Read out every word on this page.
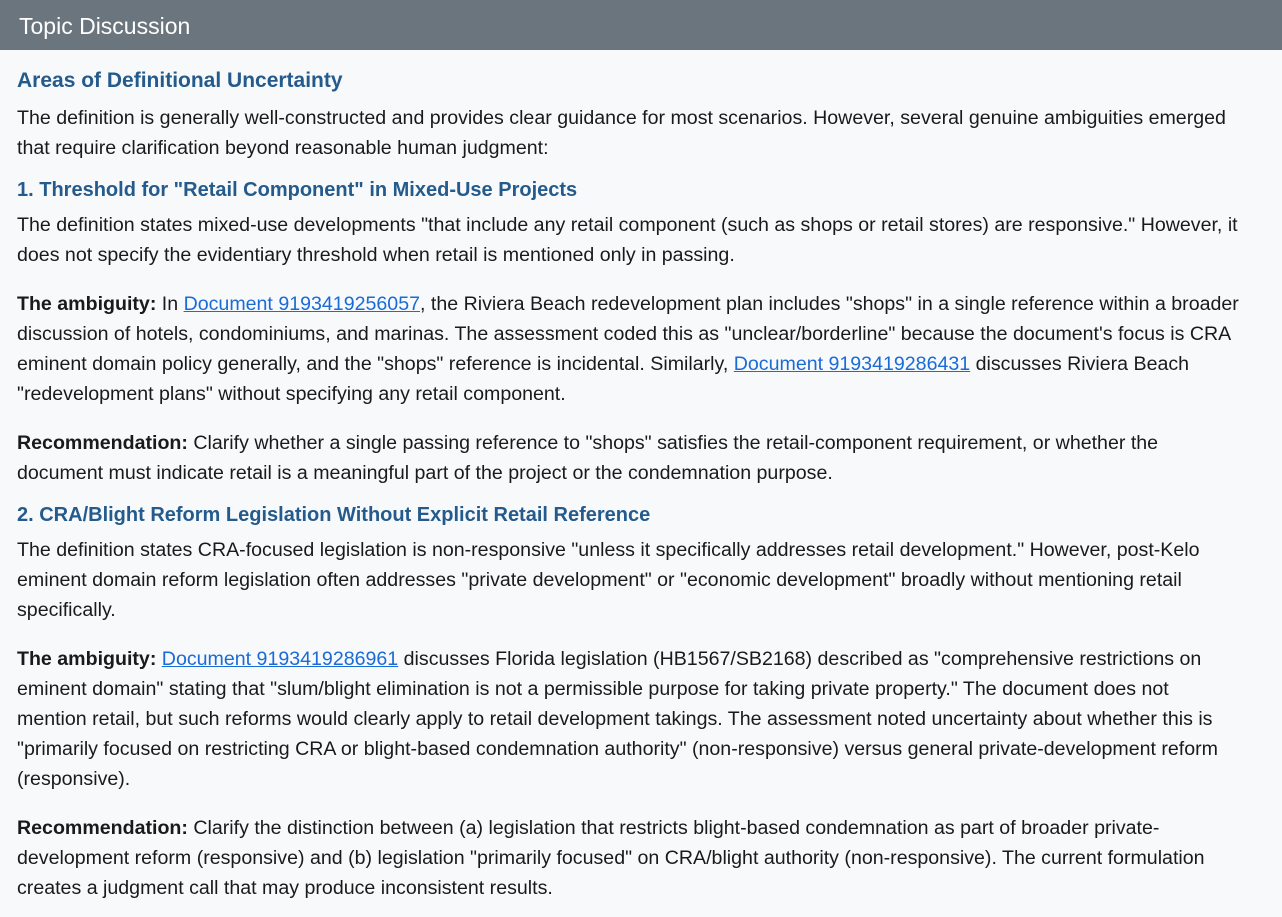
Topic Discussion
Areas of Definitional Uncertainty

The definition is generally well-constructed and provides clear guidance for most scenarios. However, several genuine ambiguities emerged that require clarification beyond reasonable human judgment:

1. Threshold for "Retail Component" in Mixed-Use Projects

The definition states mixed-use developments "that include any retail component (such as shops or retail stores) are responsive." However, it does not specify the evidentiary threshold when retail is mentioned only in passing.

The ambiguity: In Document 9193419256057, the Riviera Beach redevelopment plan includes "shops" in a single reference within a broader discussion of hotels, condominiums, and marinas. The assessment coded this as "unclear/borderline" because the document's focus is CRA eminent domain policy generally, and the "shops" reference is incidental. Similarly, Document 9193419286431 discusses Riviera Beach "redevelopment plans" without specifying any retail component.

Recommendation: Clarify whether a single passing reference to "shops" satisfies the retail-component requirement, or whether the document must indicate retail is a meaningful part of the project or the condemnation purpose.

2. CRA/Blight Reform Legislation Without Explicit Retail Reference

The definition states CRA-focused legislation is non-responsive "unless it specifically addresses retail development." However, post-Kelo eminent domain reform legislation often addresses "private development" or "economic development" broadly without mentioning retail specifically.

The ambiguity: Document 9193419286961 discusses Florida legislation (HB1567/SB2168) described as "comprehensive restrictions on eminent domain" stating that "slum/blight elimination is not a permissible purpose for taking private property." The document does not mention retail, but such reforms would clearly apply to retail development takings. The assessment noted uncertainty about whether this is "primarily focused on restricting CRA or blight-based condemnation authority" (non-responsive) versus general private-development reform (responsive).

Recommendation: Clarify the distinction between (a) legislation that restricts blight-based condemnation as part of broader private-development reform (responsive) and (b) legislation "primarily focused" on CRA/blight authority (non-responsive). The current formulation creates a judgment call that may produce inconsistent results.
